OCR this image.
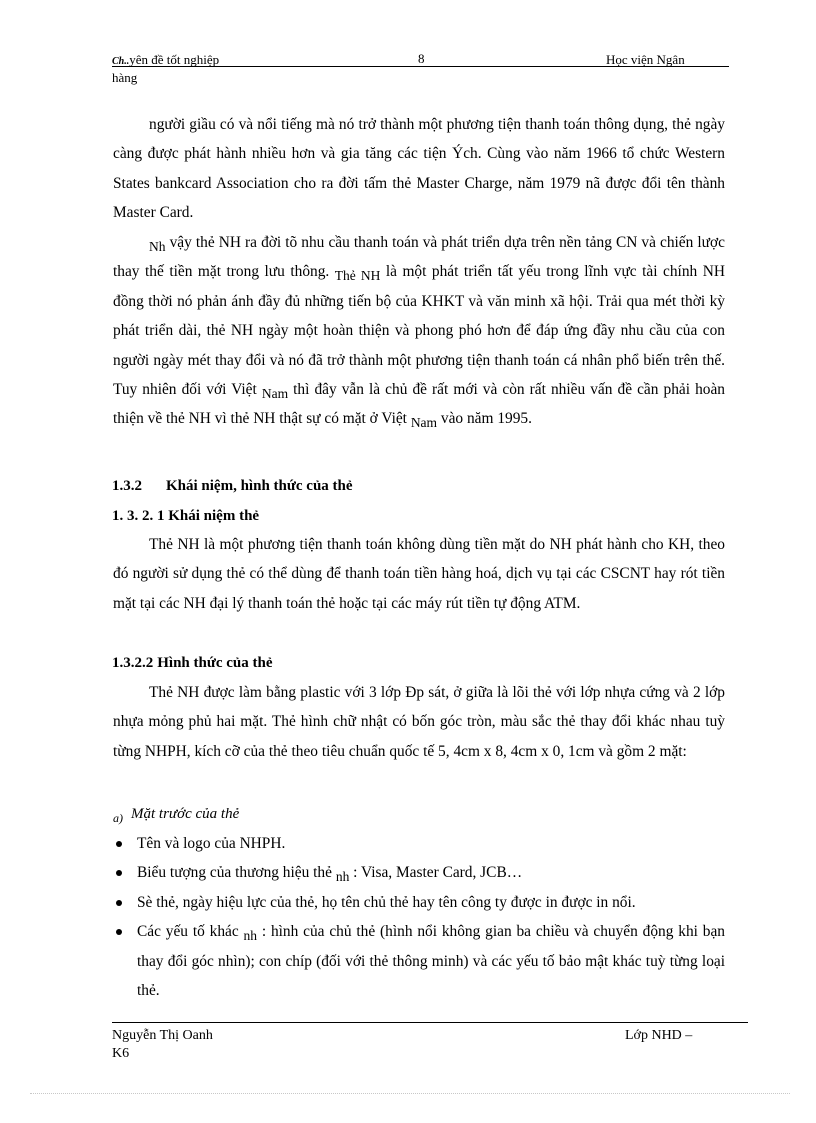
Ch..yên đề tốt nghiệp	8	Học viện Ngân
hàng
người giầu có và nổi tiếng mà nó trở thành một phương tiện thanh toán thông dụng, thẻ ngày càng được phát hành nhiều hơn và gia tăng các tiện Ých. Cùng vào năm 1966 tổ chức Western States bankcard Association cho ra đời tấm thẻ Master Charge, năm 1979 nã được đổi tên thành Master Card.
Nh vậy thẻ NH ra đời tõ nhu cầu thanh toán và phát triển dựa trên nền tảng CN và chiến lược thay thế tiền mặt trong lưu thông. Thẻ NH là một phát triển tất yếu trong lĩnh vực tài chính NH đồng thời nó phản ánh đầy đủ những tiến bộ của KHKT và văn minh xã hội. Trải qua mét thời kỳ phát triển dài, thẻ NH ngày một hoàn thiện và phong phó hơn để đáp ứng đầy nhu cầu của con người ngày mét thay đổi và nó đã trở thành một phương tiện thanh toán cá nhân phổ biến trên thế. Tuy nhiên đối với Việt Nam thì đây vẫn là chủ đề rất mới và còn rất nhiều vấn đề cần phải hoàn thiện về thẻ NH vì thẻ NH thật sự có mặt ở Việt Nam vào năm 1995.
1.3.2 Khái niệm, hình thức của thẻ
1. 3. 2. 1 Khái niệm thẻ
Thẻ NH là một phương tiện thanh toán không dùng tiền mặt do NH phát hành cho KH, theo đó người sử dụng thẻ có thể dùng để thanh toán tiền hàng hoá, dịch vụ tại các CSCNT hay rót tiền mặt tại các NH đại lý thanh toán thẻ hoặc tại các máy rút tiền tự động ATM.
1.3.2.2 Hình thức của thẻ
Thẻ NH được làm bằng plastic với 3 lớp Ðp sát, ở giữa là lõi thẻ với lớp nhựa cứng và 2 lớp nhựa mỏng phủ hai mặt. Thẻ hình chữ nhật có bốn góc tròn, màu sắc thẻ thay đổi khác nhau tuỳ từng NHPH, kích cỡ của thẻ theo tiêu chuẩn quốc tế 5, 4cm x 8, 4cm x 0, 1cm và gồm 2 mặt:
$_{a)}$ Mặt trước của thẻ
Tên và logo của NHPH.
Biểu tượng của thương hiệu thẻ nh : Visa, Master Card, JCB…
Sè thẻ, ngày hiệu lực của thẻ, họ tên chủ thẻ hay tên công ty được in được in nổi.
Các yếu tố khác nh : hình của chủ thẻ (hình nổi không gian ba chiều và chuyển động khi bạn thay đổi góc nhìn); con chíp (đối với thẻ thông minh) và các yếu tố bảo mật khác tuỳ từng loại thẻ.
Nguyễn Thị Oanh	Lớp NHD –
K6
